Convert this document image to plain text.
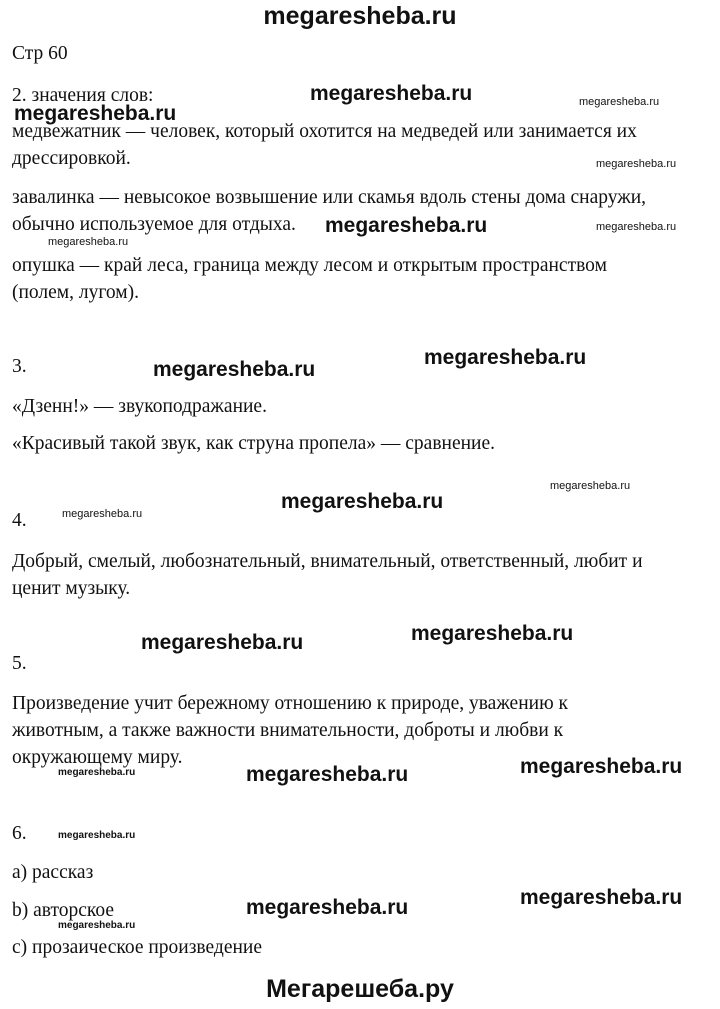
megaresheba.ru
Стр 60
2. значения слов:
медвежатник — человек, который охотится на медведей или занимается их
дрессировкой.
завалинка — невысокое возвышение или скамья вдоль стены дома снаружи,
обычно используемое для отдыха.
опушка — край леса, граница между лесом и открытым пространством
(полем, лугом).
3.
«Дзенн!» — звукоподражание.
«Красивый такой звук, как струна пропела» — сравнение.
4.
Добрый, смелый, любознательный, внимательный, ответственный, любит и
ценит музыку.
5.
Произведение учит бережному отношению к природе, уважению к
животным, а также важности внимательности, доброты и любви к
окружающему миру.
6.
а) рассказ
b) авторское
c) прозаическое произведение
megaresheba.ru	megaresheba.ru
megaresheba.ru
megaresheba.ru
megaresheba.ru	megaresheba.ru
megaresheba.ru
megaresheba.ru
megaresheba.ru
megaresheba.ru
megaresheba.ru
megaresheba.ru
megaresheba.ru
megaresheba.ru
megaresheba.ru
megaresheba.ru
megaresheba.ru
megaresheba.ru
megaresheba.ru
megaresheba.ru
megaresheba.ru
Мегарешеба.ру
